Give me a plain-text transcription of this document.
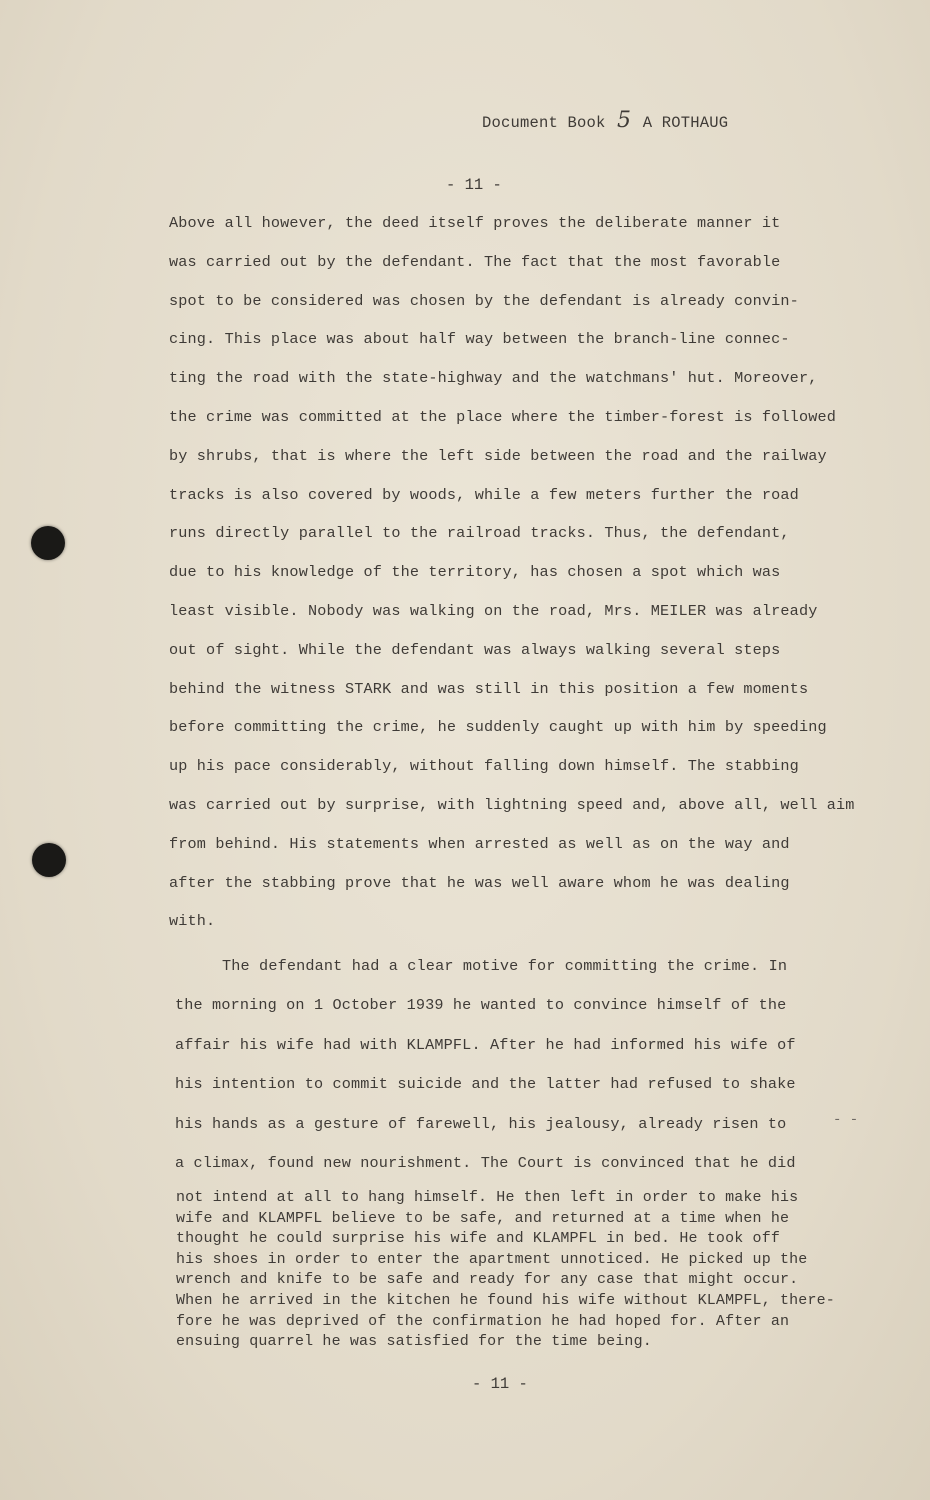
Document Book 5 A ROTHAUG
- 11 -
Above all however, the deed itself proves the deliberate manner it
was carried out by the defendant. The fact that the most favorable
spot to be considered was chosen by the defendant is already convin-
cing. This place was about half way between the branch-line connec-
ting the road with the state-highway and the watchmans' hut. Moreover,
the crime was committed at the place where the timber-forest is followed
by shrubs, that is where the left side between the road and the railway
tracks is also covered by woods, while a few meters further the road
runs directly parallel to the railroad tracks. Thus, the defendant,
due to his knowledge of the territory, has chosen a spot which was
least visible. Nobody was walking on the road, Mrs. MEILER was already
out of sight. While the defendant was always walking several steps
behind the witness STARK and was still in this position a few moments
before committing the crime, he suddenly caught up with him by speeding
up his pace considerably, without falling down himself. The stabbing
was carried out by surprise, with lightning speed and, above all, well aim
from behind. His statements when arrested as well as on the way and
after the stabbing prove that he was well aware whom he was dealing
with.
The defendant had a clear motive for committing the crime. In
the morning on 1 October 1939 he wanted to convince himself of the
affair his wife had with KLAMPFL. After he had informed his wife of
his intention to commit suicide and the latter had refused to shake
his hands as a gesture of farewell, his jealousy, already risen to
a climax, found new nourishment. The Court is convinced that he did
- -
not intend at all to hang himself. He then left in order to make his
wife and KLAMPFL believe to be safe, and returned at a time when he
thought he could surprise his wife and KLAMPFL in bed. He took off
his shoes in order to enter the apartment unnoticed. He picked up the
wrench and knife to be safe and ready for any case that might occur.
When he arrived in the kitchen he found his wife without KLAMPFL, there-
fore he was deprived of the confirmation he had hoped for. After an
ensuing quarrel he was satisfied for the time being.
- 11 -
